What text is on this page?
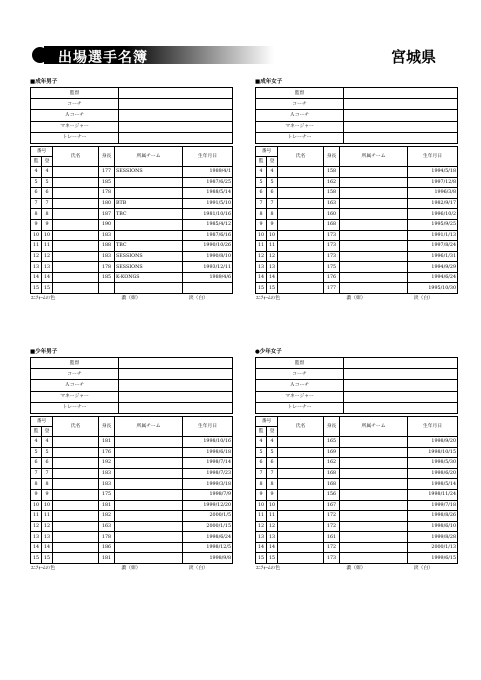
出場選手名簿	宮城県
■成年男子
監督	
コーチ	
Ａコーチ	
マネージャー	
トレーナー	
番号		氏名	身長	所属チーム	生年月日
監	登				
4	4		177	SESSIONS	1989/4/1
5	5		185		1987/6/25
6	6		178		1988/5/14
7	7		180	BTB	1991/5/10
8	8		187	TBC	1981/10/16
9	9		190		1985/4/12
10	10		183		1987/6/16
11	11		188	TBC	1990/10/26
12	12		183	SESSIONS	1990/8/10
13	13		178	SESSIONS	1993/12/11
14	14		185	K-KONGS	1989/4/6
15	15				
ﾕﾆﾌｫｰﾑの色	濃（紺）	淡（白）
■成年女子
監督	
コーチ	
Ａコーチ	
マネージャー	
トレーナー	
番号		氏名	身長	所属チーム	生年月日
監	登				
4	4		158		1994/5/18
5	5		162		1997/12/8
6	6		158		1996/3/8
7	7		163		1982/9/17
8	8		160		1996/10/2
9	9		168		1995/9/25
10	10		173		1991/1/13
11	11		173		1997/8/24
12	12		173		1996/1/31
13	13		175		1994/9/29
14	14		176		1994/6/24
15	15		177		1995/10/30
ﾕﾆﾌｫｰﾑの色	濃（紺）	淡（白）
■少年男子
監督	
コーチ	
Ａコーチ	
マネージャー	
トレーナー	
番号		氏名	身長	所属チーム	生年月日
監	登				
4	4		181		1998/10/16
5	5		176		1998/6/18
6	6		192		1998/7/14
7	7		183		1998/7/23
8	8		183		1999/3/18
9	9		175		1998/7/9
10	10		181		1999/12/20
11	11		182		2000/1/5
12	12		163		2000/1/15
13	13		178		1998/6/24
14	14		186		1998/12/5
15	15		181		1998/9/8
ﾕﾆﾌｫｰﾑの色	濃（紺）	淡（白）
●少年女子
監督	
コーチ	
Ａコーチ	
マネージャー	
トレーナー	
番号		氏名	身長	所属チーム	生年月日
監	登				
4	4		165		1998/9/20
5	5		169		1998/10/15
6	6		162		1998/5/30
7	7		168		1998/6/20
8	8		168		1998/5/14
9	9		156		1998/11/24
10	10		167		1999/7/18
11	11		172		1998/8/26
12	12		172		1998/6/10
13	13		161		1999/8/28
14	14		172		2000/1/13
15	15		173		1999/6/15
ﾕﾆﾌｫｰﾑの色	濃（紺）	淡（白）
